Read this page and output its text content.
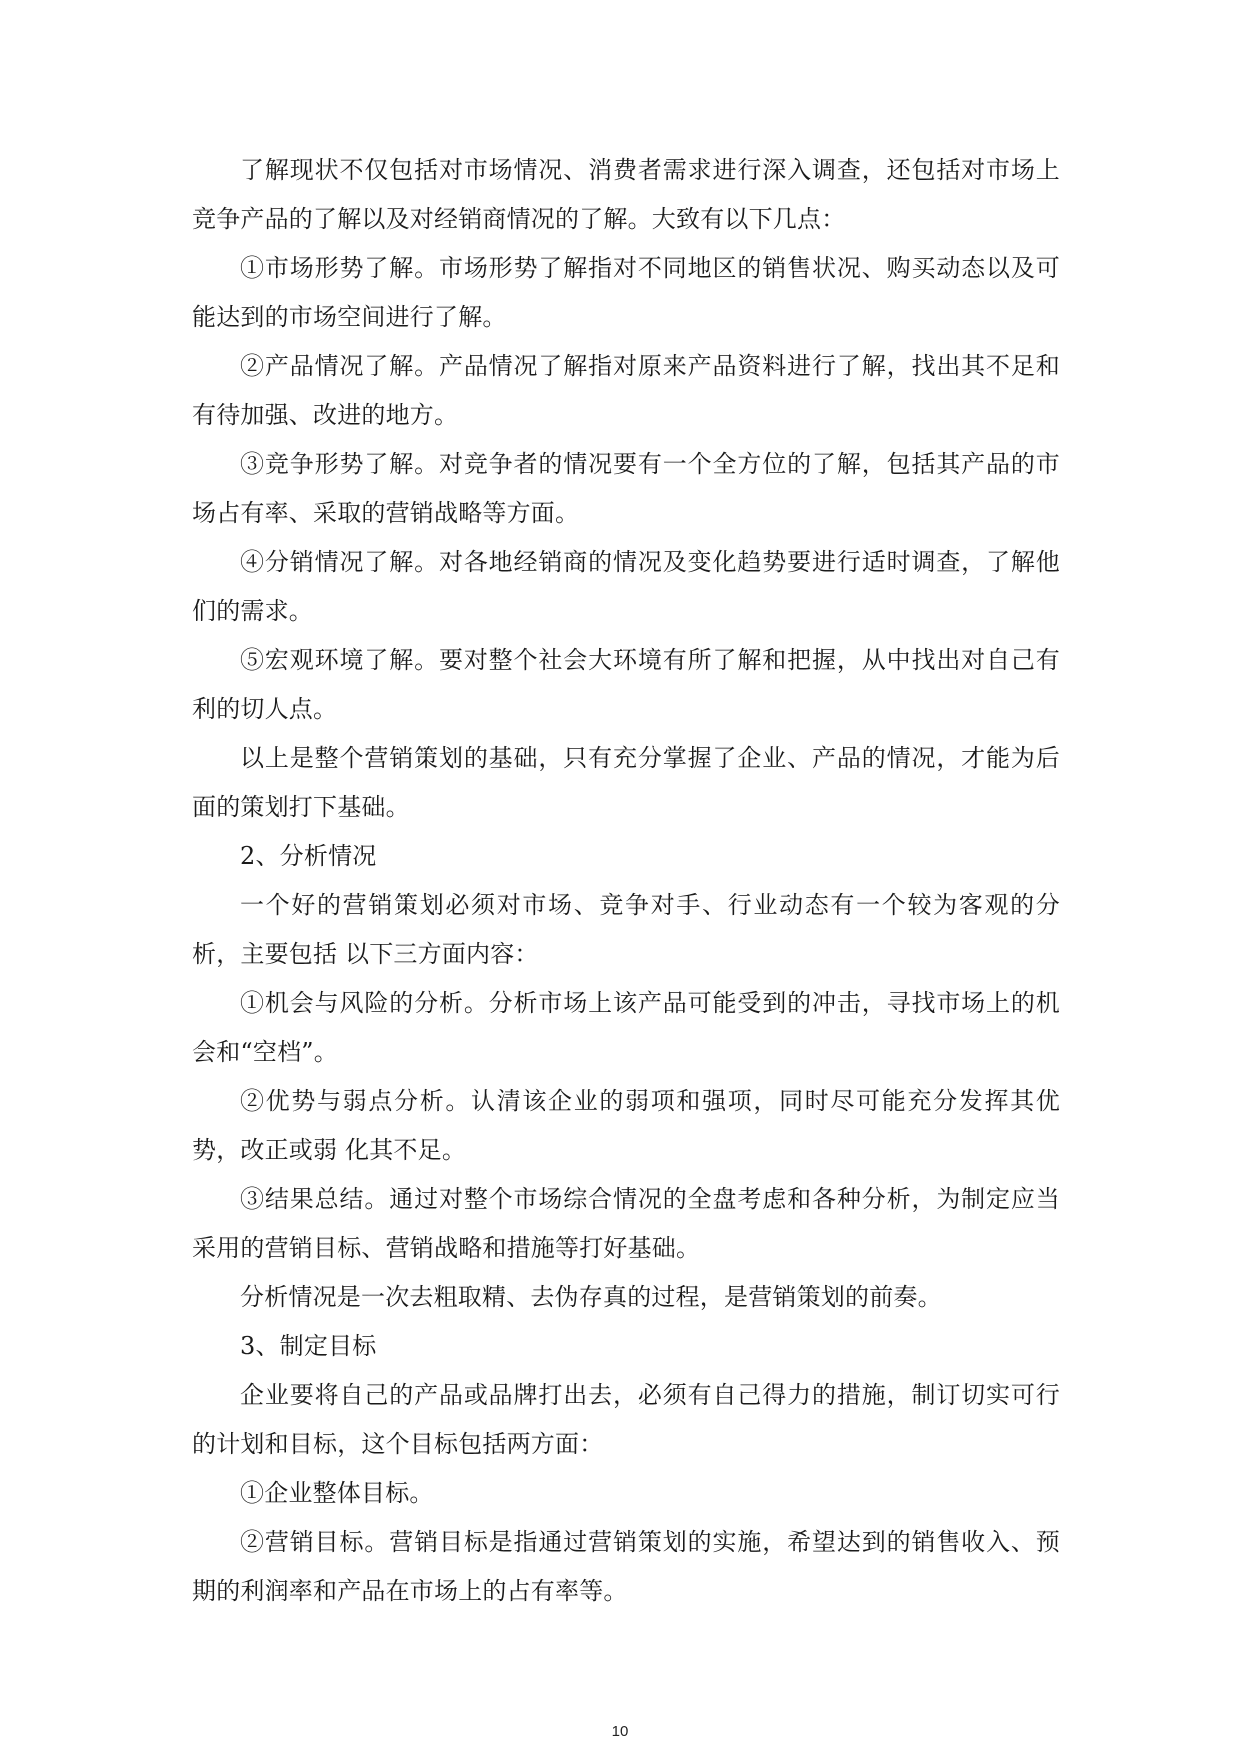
了解现状不仅包括对市场情况、消费者需求进行深入调查，还包括对市场上竞争产品的了解以及对经销商情况的了解。大致有以下几点：

①市场形势了解。市场形势了解指对不同地区的销售状况、购买动态以及可能达到的市场空间进行了解。

②产品情况了解。产品情况了解指对原来产品资料进行了解，找出其不足和有待加强、改进的地方。

③竞争形势了解。对竞争者的情况要有一个全方位的了解，包括其产品的市场占有率、采取的营销战略等方面。

④分销情况了解。对各地经销商的情况及变化趋势要进行适时调查，了解他们的需求。

⑤宏观环境了解。要对整个社会大环境有所了解和把握，从中找出对自己有利的切人点。

以上是整个营销策划的基础，只有充分掌握了企业、产品的情况，才能为后面的策划打下基础。

2、分析情况

一个好的营销策划必须对市场、竞争对手、行业动态有一个较为客观的分析，主要包括 以下三方面内容：

①机会与风险的分析。分析市场上该产品可能受到的冲击，寻找市场上的机会和“空档”。

②优势与弱点分析。认清该企业的弱项和强项，同时尽可能充分发挥其优势，改正或弱 化其不足。

③结果总结。通过对整个市场综合情况的全盘考虑和各种分析，为制定应当采用的营销目标、营销战略和措施等打好基础。

分析情况是一次去粗取精、去伪存真的过程，是营销策划的前奏。

3、制定目标

企业要将自己的产品或品牌打出去，必须有自己得力的措施，制订切实可行的计划和目标，这个目标包括两方面：

①企业整体目标。

②营销目标。营销目标是指通过营销策划的实施，希望达到的销售收入、预期的利润率和产品在市场上的占有率等。

10
